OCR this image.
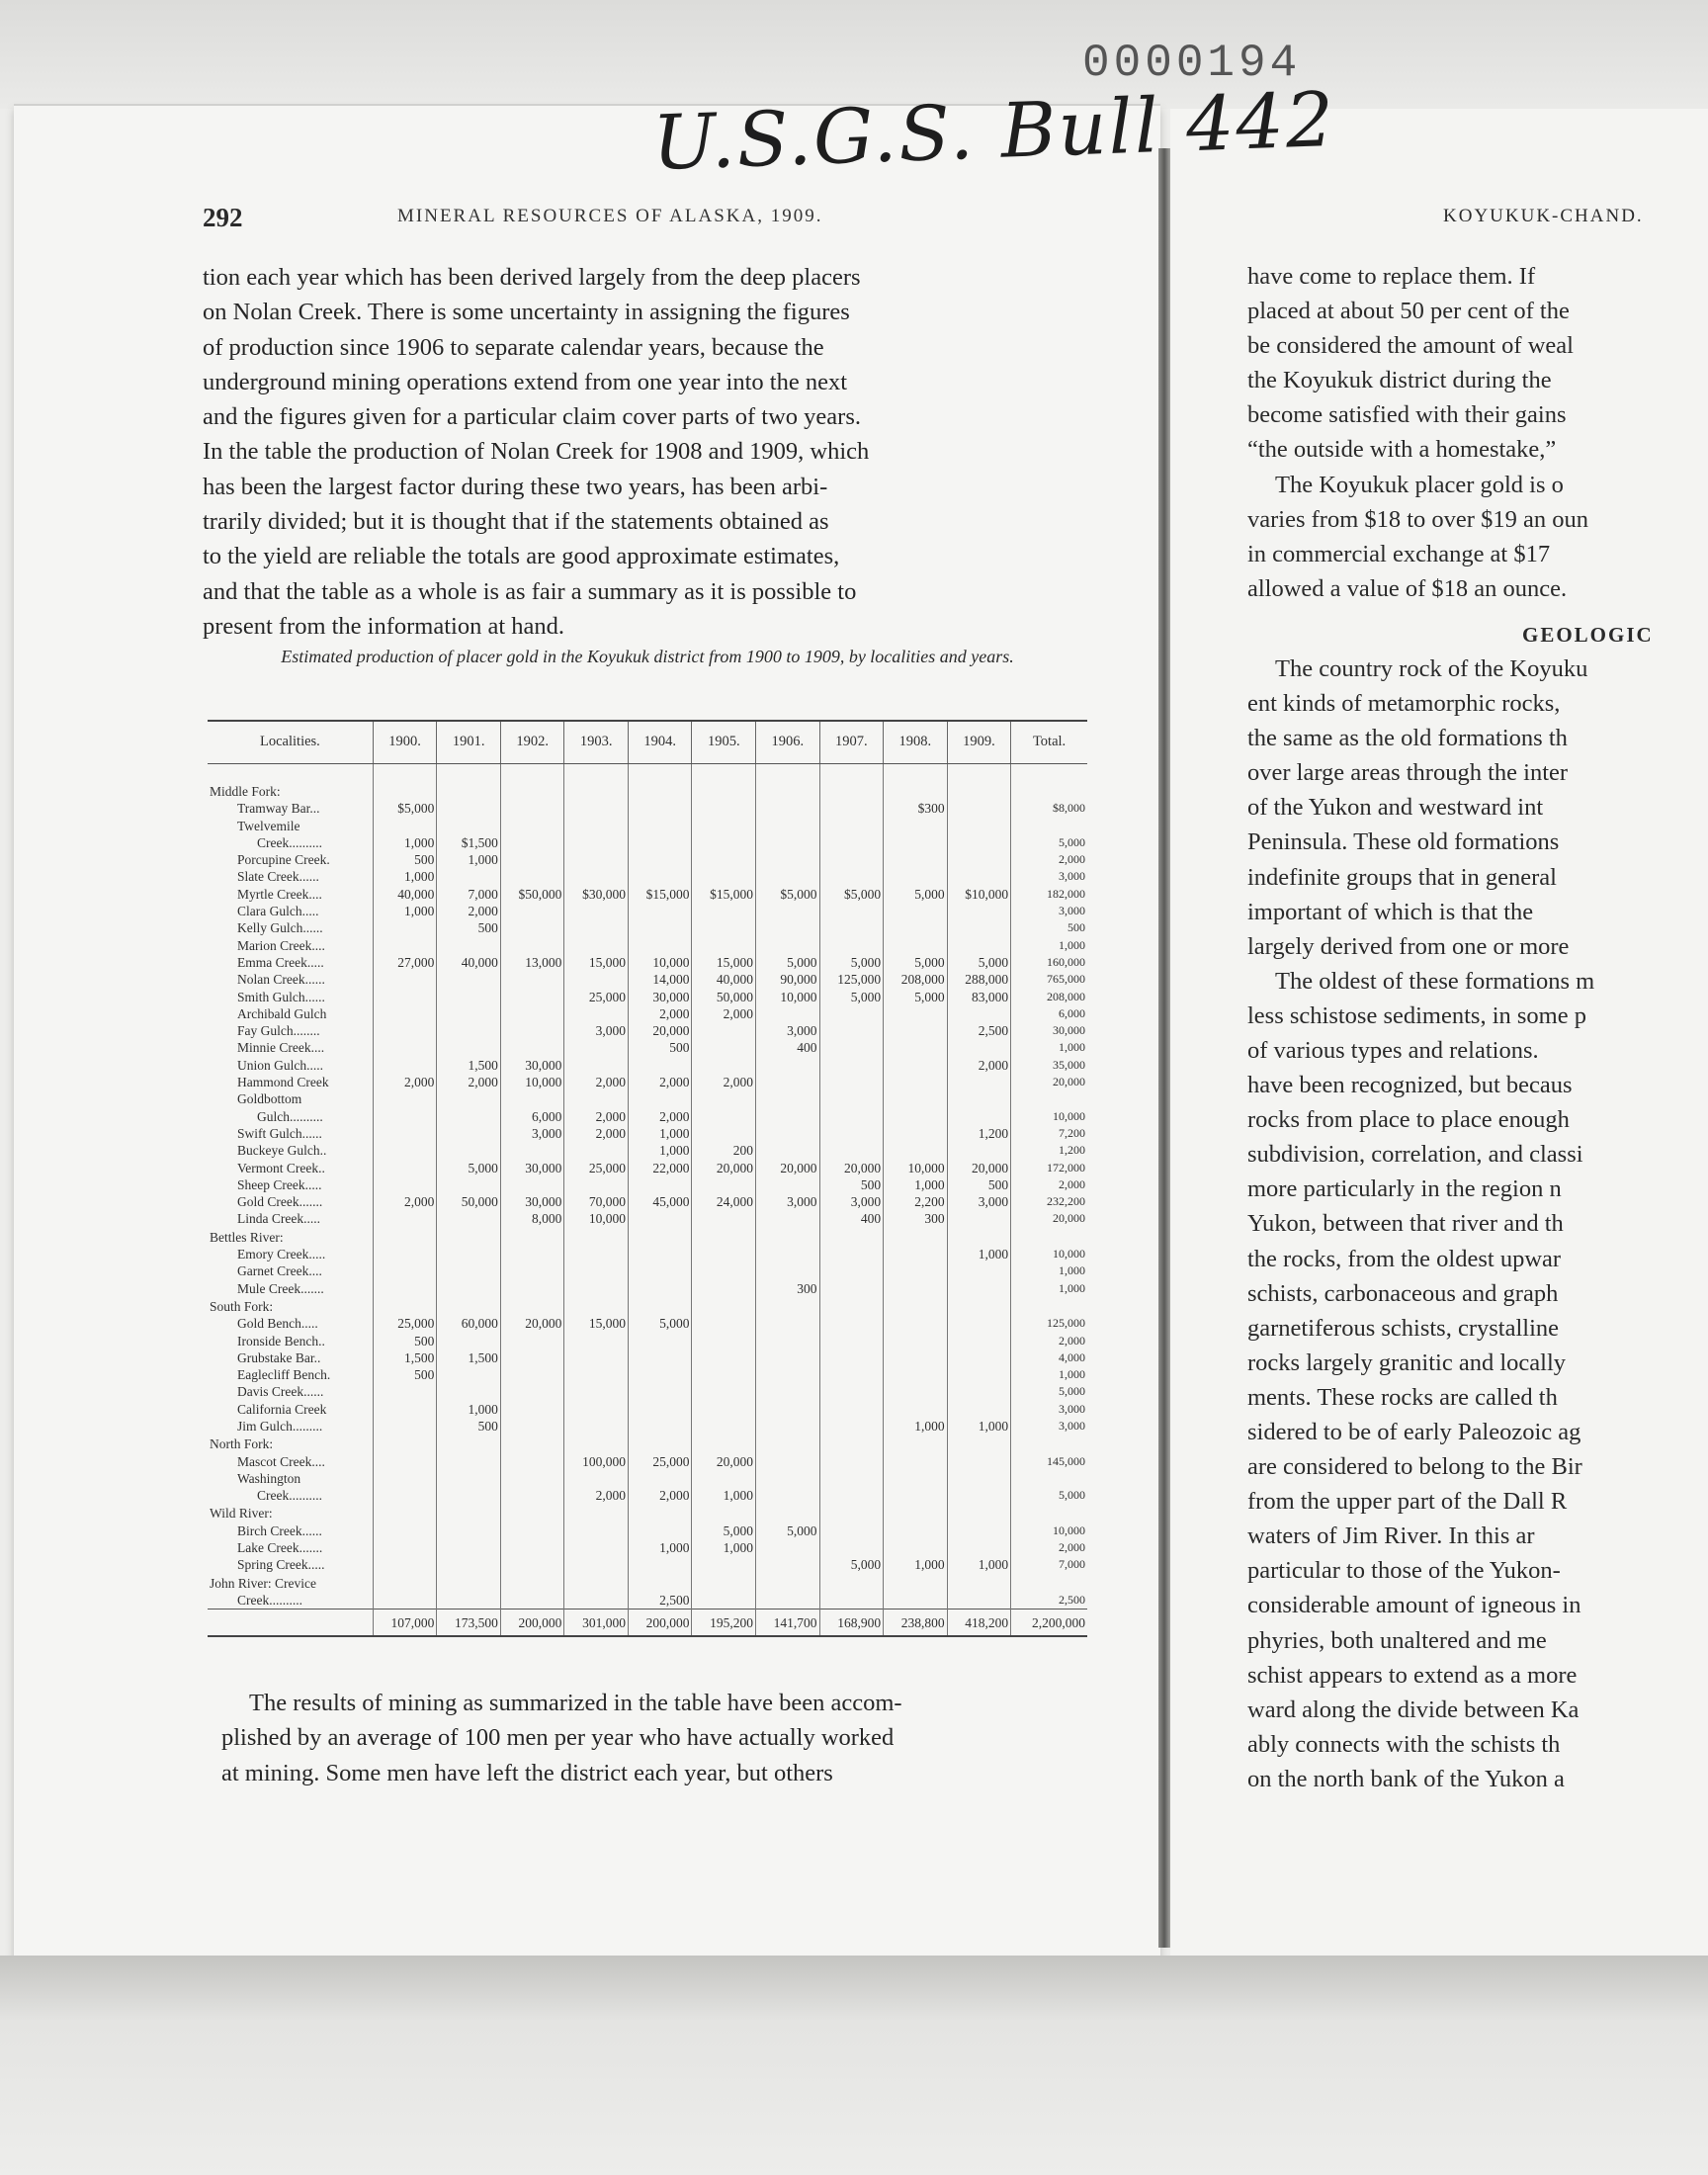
0000194
U.S.G.S. Bull 442
292	MINERAL RESOURCES OF ALASKA, 1909.

tion each year which has been derived largely from the deep placers

on Nolan Creek. There is some uncertainty in assigning the figures

of production since 1906 to separate calendar years, because the

underground mining operations extend from one year into the next

and the figures given for a particular claim cover parts of two years.

In the table the production of Nolan Creek for 1908 and 1909, which

has been the largest factor during these two years, has been arbi-

trarily divided; but it is thought that if the statements obtained as

to the yield are reliable the totals are good approximate estimates,

and that the table as a whole is as fair a summary as it is possible to

present from the information at hand.

Estimated production of placer gold in the Koyukuk district from 1900 to 1909, by localities and years.
Localities.	1900.	1901.	1902.	1903.	1904.	1905.	1906.	1907.	1908.	1909.	Total.

Middle Fork:											
Tramway Bar...	$5,000								$300		$8,000
Twelvemile											
Creek..........	1,000	$1,500									5,000
Porcupine Creek.	500	1,000									2,000
Slate Creek......	1,000										3,000
Myrtle Creek....	40,000	7,000	$50,000	$30,000	$15,000	$15,000	$5,000	$5,000	5,000	$10,000	182,000
Clara Gulch.....	1,000	2,000									3,000
Kelly Gulch......		500									500
Marion Creek....											1,000
Emma Creek.....	27,000	40,000	13,000	15,000	10,000	15,000	5,000	5,000	5,000	5,000	160,000
Nolan Creek......					14,000	40,000	90,000	125,000	208,000	288,000	765,000
Smith Gulch......				25,000	30,000	50,000	10,000	5,000	5,000	83,000	208,000
Archibald Gulch					2,000	2,000					6,000
Fay Gulch........				3,000	20,000		3,000			2,500	30,000
Minnie Creek....					500		400				1,000
Union Gulch.....		1,500	30,000							2,000	35,000
Hammond Creek	2,000	2,000	10,000	2,000	2,000	2,000					20,000
Goldbottom											
Gulch..........			6,000	2,000	2,000						10,000
Swift Gulch......			3,000	2,000	1,000					1,200	7,200
Buckeye Gulch..					1,000	200					1,200
Vermont Creek..		5,000	30,000	25,000	22,000	20,000	20,000	20,000	10,000	20,000	172,000
Sheep Creek.....								500	1,000	500	2,000
Gold Creek.......	2,000	50,000	30,000	70,000	45,000	24,000	3,000	3,000	2,200	3,000	232,200
Linda Creek.....			8,000	10,000				400	300		20,000
Bettles River:											
Emory Creek.....										1,000	10,000
Garnet Creek....											1,000
Mule Creek.......							300				1,000
South Fork:											
Gold Bench.....	25,000	60,000	20,000	15,000	5,000						125,000
Ironside Bench..	500										2,000
Grubstake Bar..	1,500	1,500									4,000
Eaglecliff Bench.	500										1,000
Davis Creek......											5,000
California Creek		1,000									3,000
Jim Gulch.........		500							1,000	1,000	3,000
North Fork:											
Mascot Creek....				100,000	25,000	20,000					145,000
Washington											
Creek..........				2,000	2,000	1,000					5,000
Wild River:											
Birch Creek......						5,000	5,000				10,000
Lake Creek.......					1,000	1,000					2,000
Spring Creek.....								5,000	1,000	1,000	7,000
John River: Crevice											
Creek..........					2,500						2,500
	107,000	173,500	200,000	301,000	200,000	195,200	141,700	168,900	238,800	418,200	2,200,000

The results of mining as summarized in the table have been accom-

plished by an average of 100 men per year who have actually worked

at mining. Some men have left the district each year, but others

KOYUKUK-CHAND.
GEOLOGIC
have come to replace them. If
placed at about 50 per cent of the
be considered the amount of weal
the Koyukuk district during the
become satisfied with their gains
“the outside with a homestake,”
The Koyukuk placer gold is o
varies from $18 to over $19 an oun
in commercial exchange at $17
allowed a value of $18 an ounce.
The country rock of the Koyuku
ent kinds of metamorphic rocks,
the same as the old formations th
over large areas through the inter
of the Yukon and westward int
Peninsula. These old formations
indefinite groups that in general
important of which is that the
largely derived from one or more
The oldest of these formations m
less schistose sediments, in some p
of various types and relations.
have been recognized, but becaus
rocks from place to place enough
subdivision, correlation, and classi
more particularly in the region n
Yukon, between that river and th
the rocks, from the oldest upwar
schists, carbonaceous and graph
garnetiferous schists, crystalline
rocks largely granitic and locally
ments. These rocks are called th
sidered to be of early Paleozoic ag
are considered to belong to the Bir
from the upper part of the Dall R
waters of Jim River. In this ar
particular to those of the Yukon-
considerable amount of igneous in
phyries, both unaltered and me
schist appears to extend as a more
ward along the divide between Ka
ably connects with the schists th
on the north bank of the Yukon a
